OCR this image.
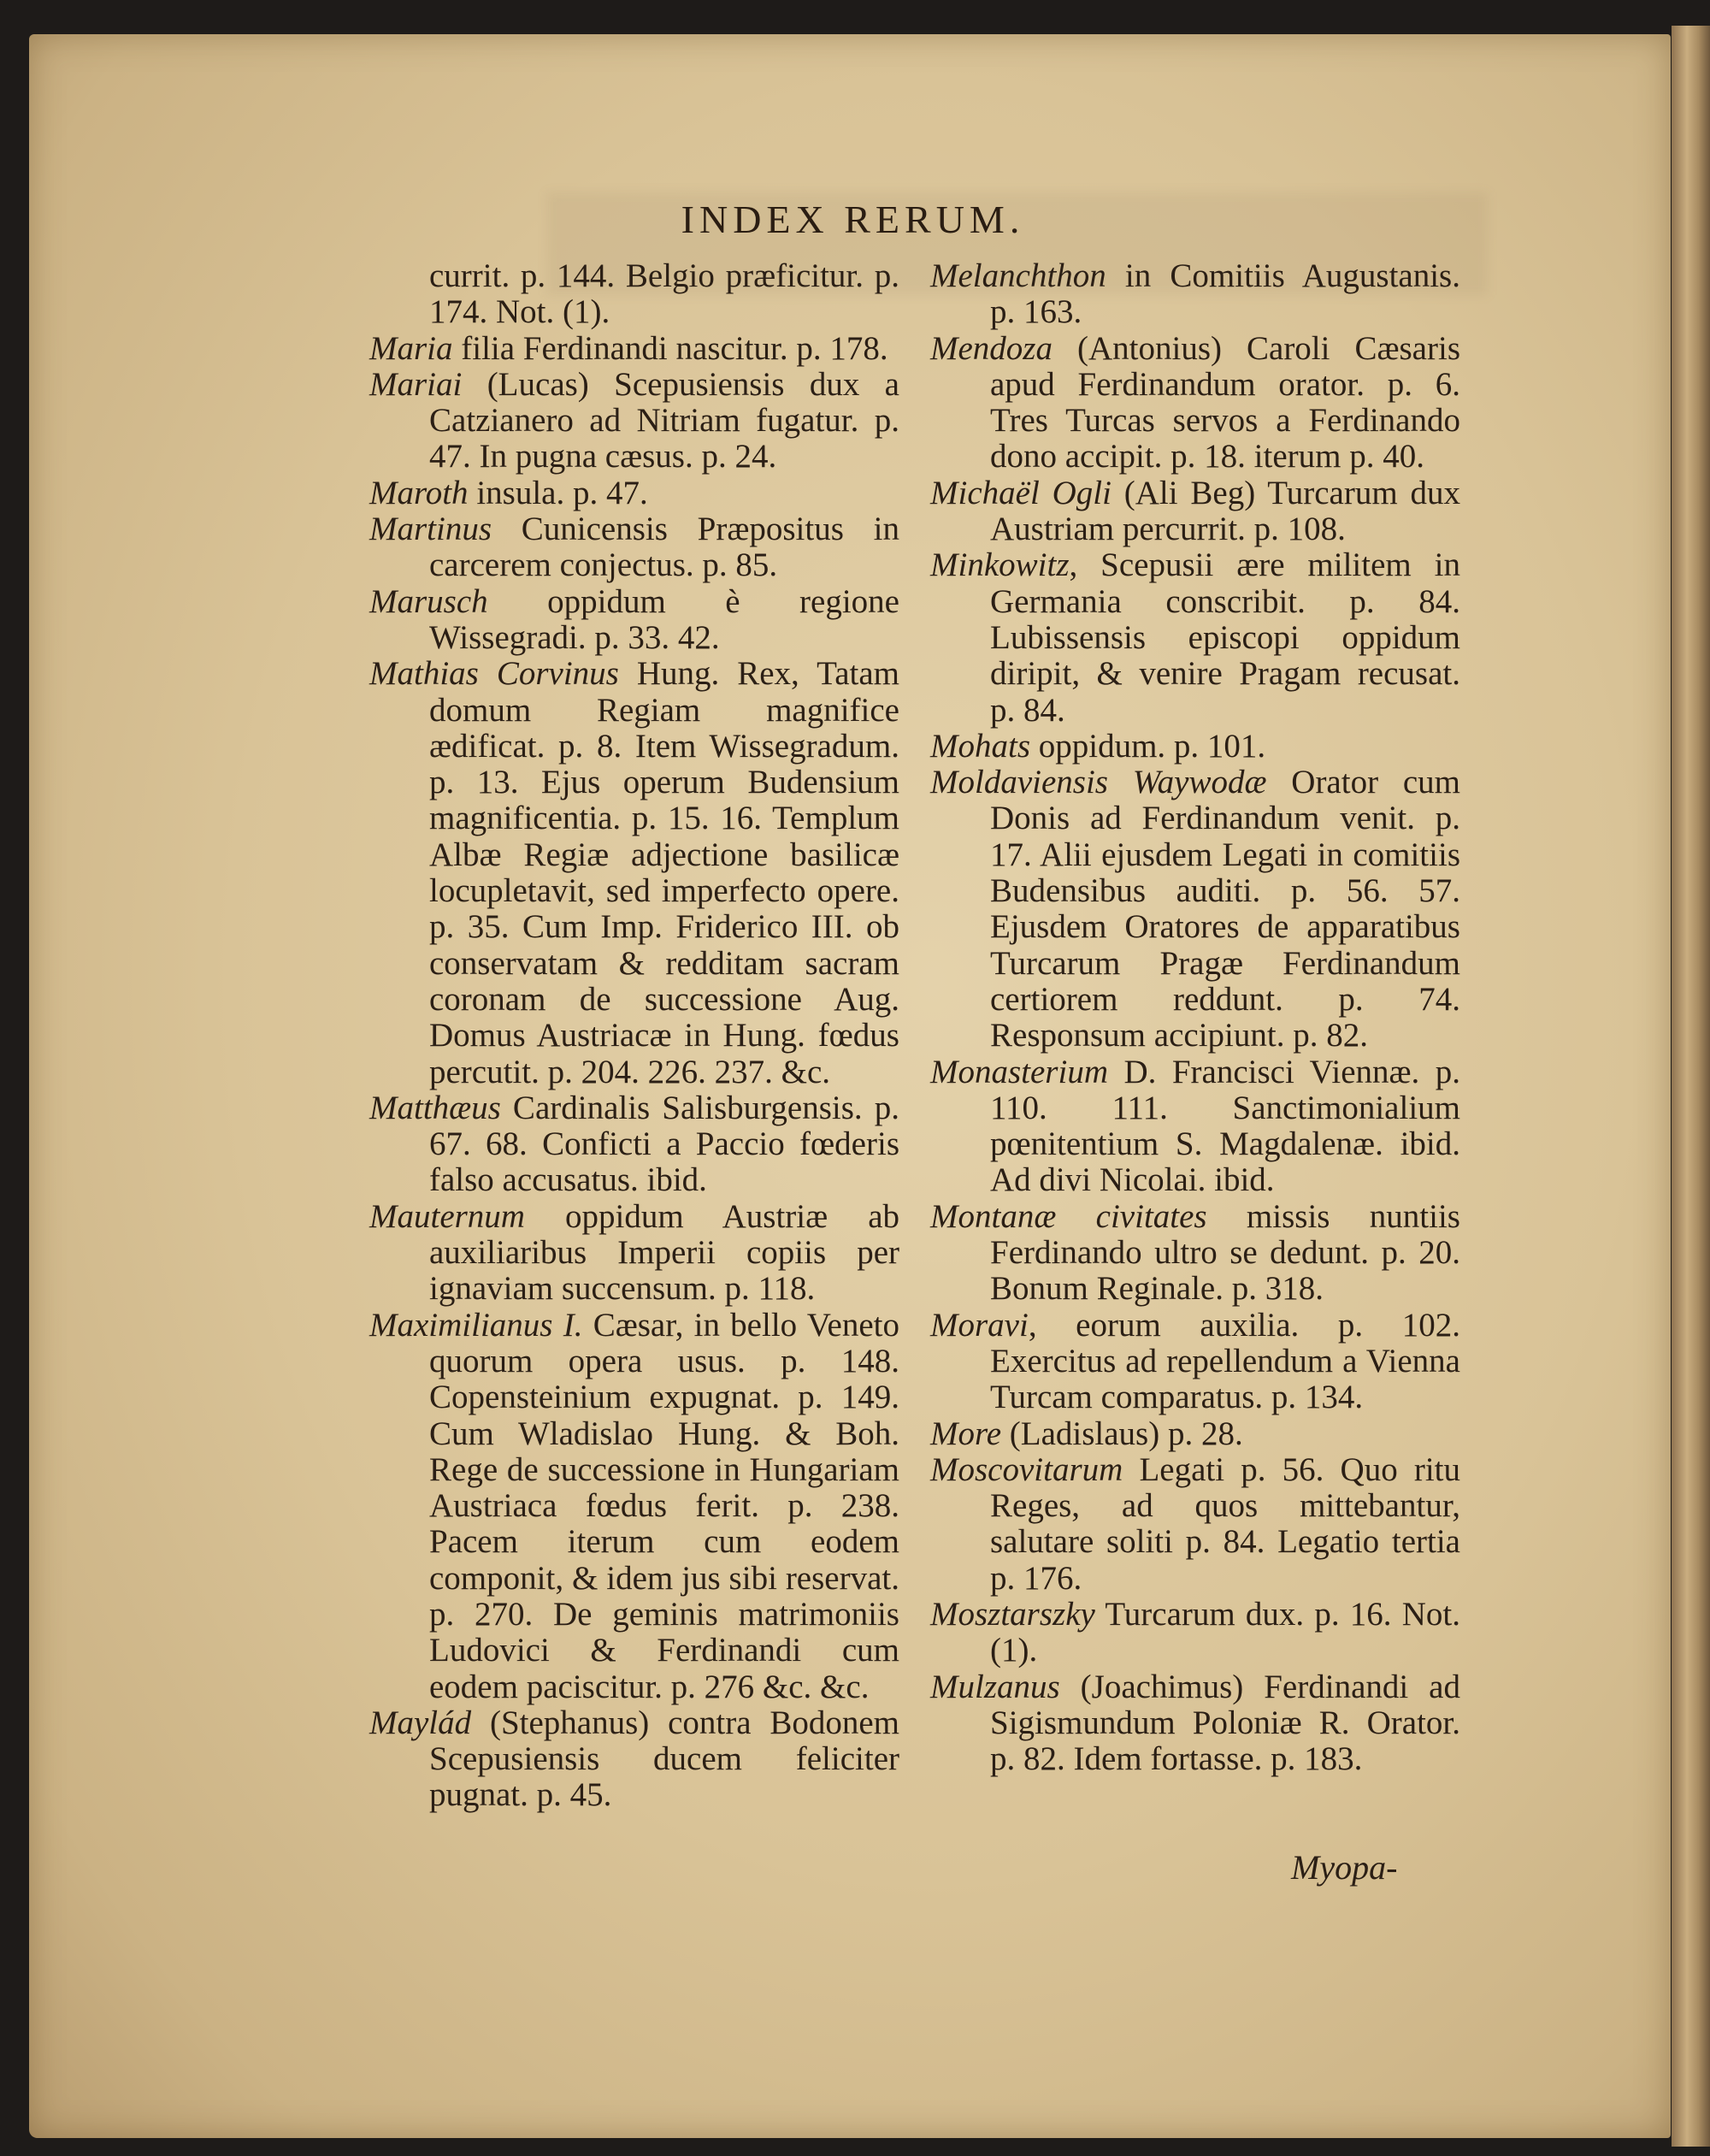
INDEX RERUM.
currit. p. 144. Belgio præficitur. p. 174. Not. (1).
Maria filia Ferdinandi nascitur. p. 178.
Mariai (Lucas) Scepusiensis dux a Catzianero ad Nitriam fugatur. p. 47. In pugna cæsus. p. 24.
Maroth insula. p. 47.
Martinus Cunicensis Præpositus in carcerem conjectus. p. 85.
Marusch oppidum è regione Wissegradi. p. 33. 42.
Mathias Corvinus Hung. Rex, Tatam domum Regiam magnifice ædificat. p. 8. Item Wissegradum. p. 13. Ejus operum Budensium magnificentia. p. 15. 16. Templum Albæ Regiæ adjectione basilicæ locupletavit, sed imperfecto opere. p. 35. Cum Imp. Friderico III. ob conservatam & redditam sacram coronam de successione Aug. Domus Austriacæ in Hung. fœdus percutit. p. 204. 226. 237. &c.
Matthæus Cardinalis Salisburgensis. p. 67. 68. Confictі a Paccio fœderis falso accusatus. ibid.
Mauternum oppidum Austriæ ab auxiliaribus Imperii copiis per ignaviam succensum. p. 118.
Maximilianus I. Cæsar, in bello Veneto quorum opera usus. p. 148. Copensteinium expugnat. p. 149. Cum Wladislao Hung. & Boh. Rege de successione in Hungariam Austriaca fœdus ferit. p. 238. Pacem iterum cum eodem componit, & idem jus sibi reservat. p. 270. De geminis matrimoniis Ludovici & Ferdinandi cum eodem paciscitur. p. 276 &c. &c.
Maylád (Stephanus) contra Bodonem Scepusiensis ducem feliciter pugnat. p. 45.
Melanchthon in Comitiis Augustanis. p. 163.
Mendoza (Antonius) Caroli Cæsaris apud Ferdinandum orator. p. 6. Tres Turcas servos a Ferdinando dono accipit. p. 18. iterum p. 40.
Michaël Ogli (Ali Beg) Turcarum dux Austriam percurrit. p. 108.
Minkowitz, Scepusii ære militem in Germania conscribit. p. 84. Lubissensis episcopi oppidum diripit, & venire Pragam recusat. p. 84.
Mohats oppidum. p. 101.
Moldaviensis Waywodæ Orator cum Donis ad Ferdinandum venit. p. 17. Alii ejusdem Legati in comitiis Budensibus auditi. p. 56. 57. Ejusdem Oratores de apparatibus Turcarum Pragæ Ferdinandum certiorem reddunt. p. 74. Responsum accipiunt. p. 82.
Monasterium D. Francisci Viennæ. p. 110. 111. Sanctimonialium pœnitentium S. Magdalenæ. ibid. Ad divi Nicolai. ibid.
Montanæ civitates missis nuntiis Ferdinando ultro se dedunt. p. 20. Bonum Reginale. p. 318.
Moravi, eorum auxilia. p. 102. Exercitus ad repellendum a Vienna Turcam comparatus. p. 134.
More (Ladislaus) p. 28.
Moscovitarum Legati p. 56. Quo ritu Reges, ad quos mittebantur, salutare soliti p. 84. Legatio tertia p. 176.
Mosztarszky Turcarum dux. p. 16. Not. (1).
Mulzanus (Joachimus) Ferdinandi ad Sigismundum Poloniæ R. Orator. p. 82. Idem fortasse. p. 183.
Myopa-
